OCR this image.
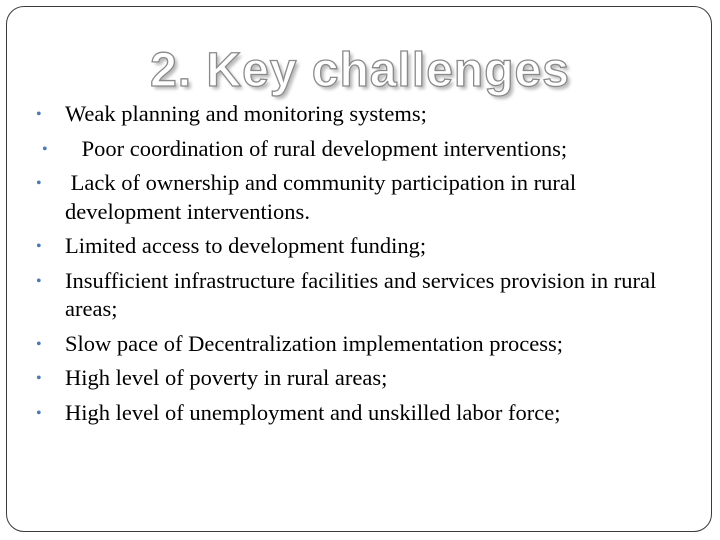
2. Key challenges
• Weak planning and monitoring systems;
• Poor coordination of rural development interventions;
• Lack of ownership and community participation in rural development interventions.
• Limited access to development funding;
• Insufficient infrastructure facilities and services provision in rural areas;
• Slow pace of Decentralization implementation process;
• High level of poverty in rural areas;
• High level of unemployment and unskilled labor force;
